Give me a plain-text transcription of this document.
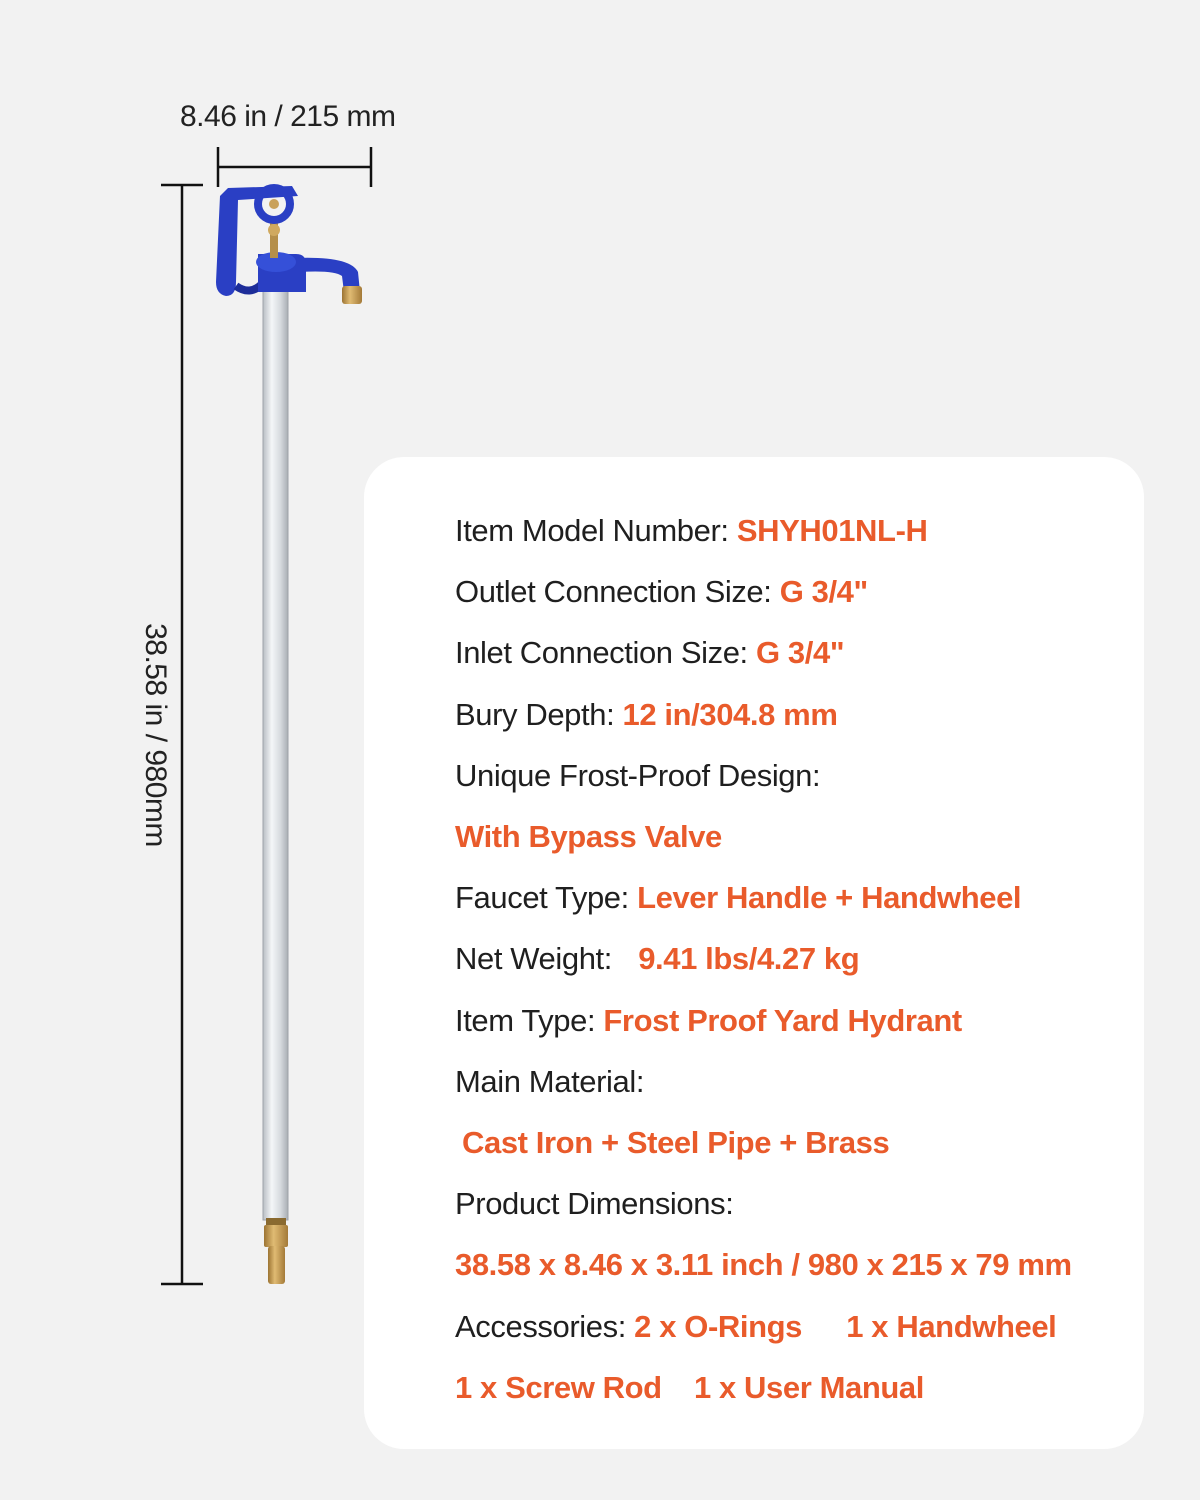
8.46 in / 215 mm
38.58 in / 980mm
Item Model Number: SHYH01NL-H
Outlet Connection Size: G 3/4"
Inlet Connection Size: G 3/4"
Bury Depth: 12 in/304.8 mm
Unique Frost-Proof Design:
With Bypass Valve
Faucet Type: Lever Handle + Handwheel
Net Weight: 9.41 lbs/4.27 kg
Item Type: Frost Proof Yard Hydrant
Main Material:
Cast Iron + Steel Pipe + Brass
Product Dimensions:
38.58 x 8.46 x 3.11 inch / 980 x 215 x 79 mm
Accessories: 2 x O-Rings 1 x Handwheel
1 x Screw Rod 1 x User Manual
